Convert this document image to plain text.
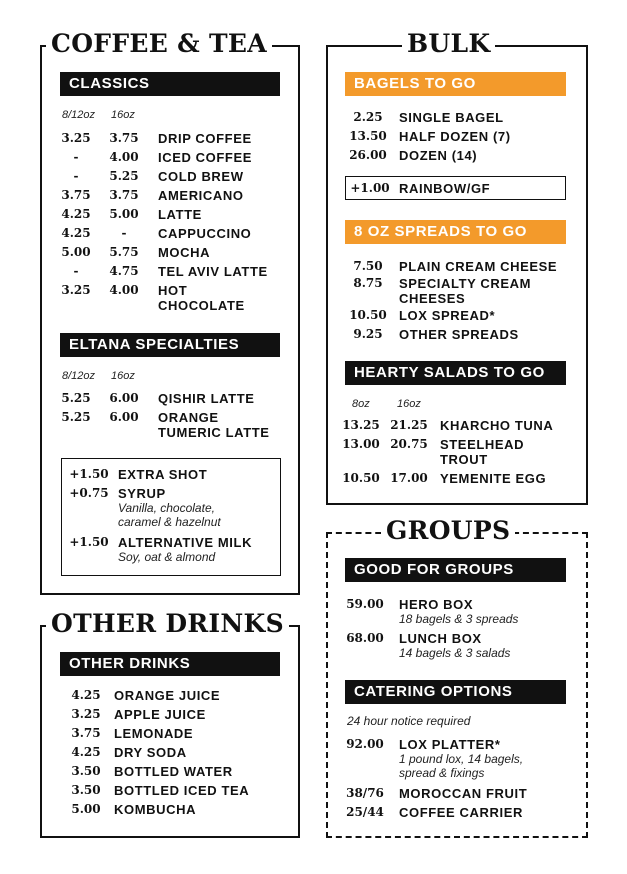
COFFEE & TEA
CLASSICS
8/12oz 16oz
3.25	3.75	DRIP COFFEE
-	4.00	ICED COFFEE
-	5.25	COLD BREW
3.75	3.75	AMERICANO
4.25	5.00	LATTE
4.25	-	CAPPUCCINO
5.00	5.75	MOCHA
-	4.75	TEL AVIV LATTE
3.25	4.00	HOT
CHOCOLATE
ELTANA SPECIALTIES
8/12oz 16oz
5.25	6.00	QISHIR LATTE
5.25	6.00	ORANGE
TUMERIC LATTE
+1.50 EXTRA SHOT
+0.75 SYRUP
Vanilla, chocolate,
caramel & hazelnut
+1.50 ALTERNATIVE MILK
Soy, oat & almond
OTHER DRINKS
OTHER DRINKS
4.25	ORANGE JUICE
3.25	APPLE JUICE
3.75	LEMONADE
4.25	DRY SODA
3.50	BOTTLED WATER
3.50	BOTTLED ICED TEA
5.00	KOMBUCHA
BULK
BAGELS TO GO
2.25	SINGLE BAGEL
13.50 HALF DOZEN (7)
26.00 DOZEN (14)
+1.00 RAINBOW/GF
8 OZ SPREADS TO GO
7.50	PLAIN CREAM CHEESE
8.75	SPECIALTY CREAM
CHEESES
10.50 LOX SPREAD*
9.25	OTHER SPREADS
HEARTY SALADS TO GO
8oz 16oz
13.25 21.25 KHARCHO TUNA
13.00 20.75 STEELHEAD
TROUT
10.50 17.00 YEMENITE EGG
GROUPS
GOOD FOR GROUPS
59.00	HERO BOX
18 bagels & 3 spreads
68.00	LUNCH BOX
14 bagels & 3 salads
CATERING OPTIONS
24 hour notice required
92.00	LOX PLATTER*
1 pound lox, 14 bagels,
spread & fixings
38/76	MOROCCAN FRUIT
25/44	COFFEE CARRIER
